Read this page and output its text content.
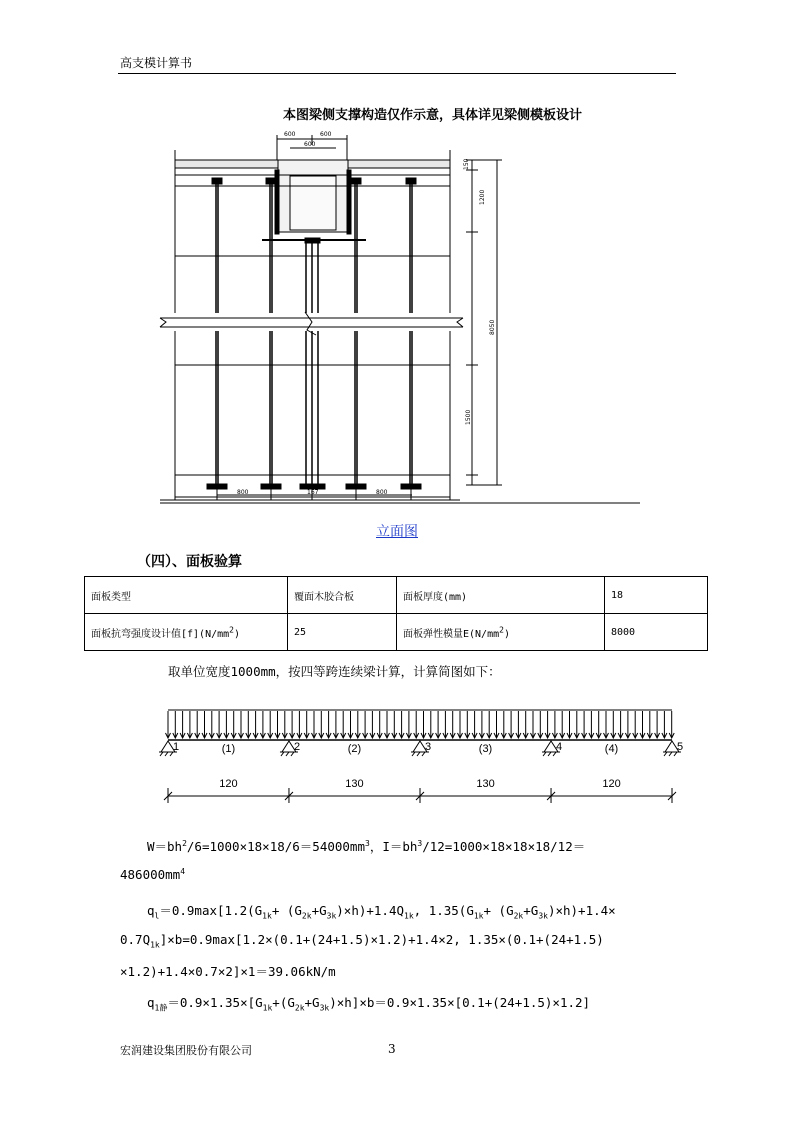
高支模计算书
本图梁侧支撑构造仅作示意，具体详见梁侧模板设计
600	600
600
150
1200
8050
1500
800	167	800
立面图
（四）、面板验算
面板类型	覆面木胶合板	面板厚度(mm)	18
面板抗弯强度设计值$[f](N/mm^2)$	25	面板弹性模量$E(N/mm^2)$	8000
取单位宽度1000mm，按四等跨连续梁计算，计算简图如下：
1	2	3	4	5
(1)
120
(2)
130
(3)
130
(4)
120
$W=bh^2/6=1000\times 18\times 18/6=54000mm^3$，$I=bh^3/12=1000\times 18\times 18\times 18/12=$
$486000mm^4$
$q_l=0.9\max[1.2(G_{1k}+ (G_{2k}+G_{3k})\times h)+1.4Q_{1k}$, $1.35(G_{1k}+ (G_{2k}+G_{3k})\times h)+1.4\times$
$0.7Q_{1k}]\times b=0.9\max[1.2\times(0.1+(24+1.5)\times 1.2)+1.4\times 2$, 1.35×(0.1+(24+1.5)
×1.2)+1.4×0.7×2]×1＝39.06kN/m
$q_{1静}=0.9\times 1.35\times[G_{1k}+(G_{2k}+G_{3k})\times h]\times b=0.9\times 1.35\times[0.1+(24+1.5)\times 1.2]$
宏润建设集团股份有限公司	3
